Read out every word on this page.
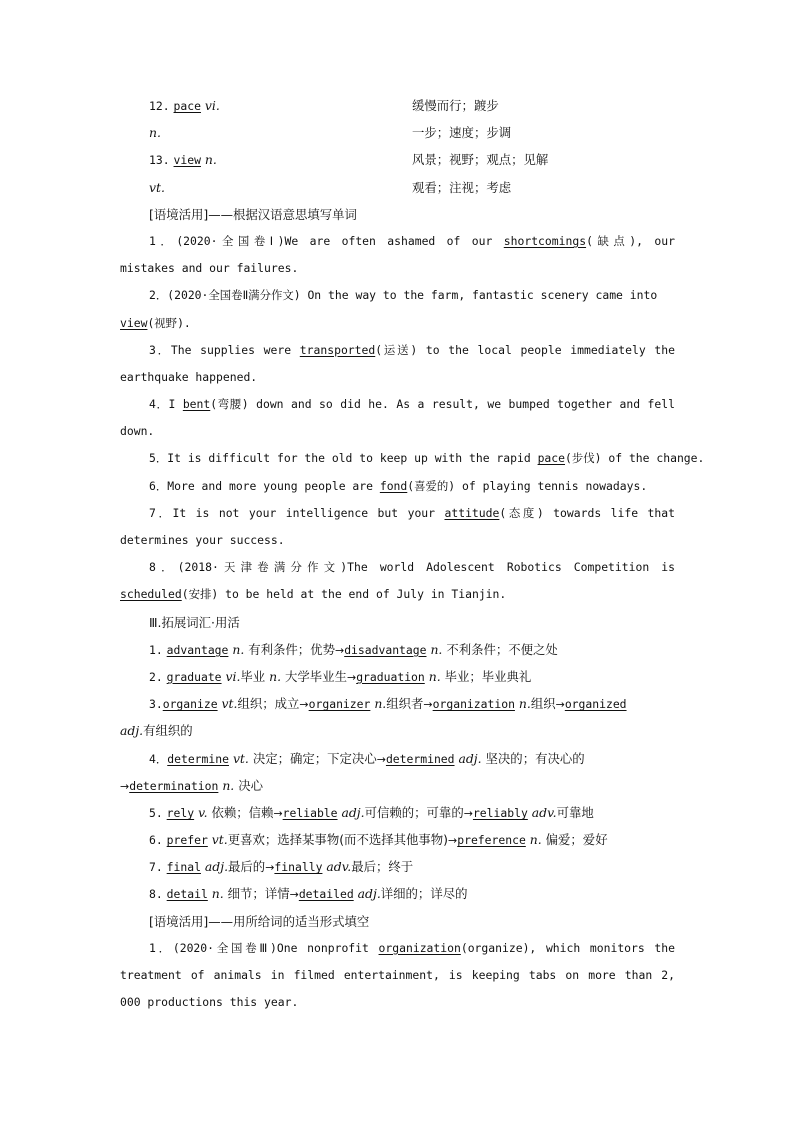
12. pace vi.	缓慢而行；踱步
n.	一步；速度；步调
13. view n.	风景；视野；观点；见解
vt.	观看；注视；考虑
[语境活用]——根据汉语意思填写单词
1．(2020·全国卷Ⅰ)We are often ashamed of our shortcomings(缺点), our
mistakes and our failures.
2．(2020·全国卷Ⅱ满分作文) On the way to the farm, fantastic scenery came into
view(视野).
3．The supplies were transported(运送) to the local people immediately the
earthquake happened.
4．I bent(弯腰) down and so did he. As a result, we bumped together and fell
down.
5．It is difficult for the old to keep up with the rapid pace(步伐) of the change.
6．More and more young people are fond(喜爱的) of playing tennis nowadays.
7．It is not your intelligence but your attitude(态度) towards life that
determines your success.
8．(2018·天津卷满分作文)The world Adolescent Robotics Competition is
scheduled(安排) to be held at the end of July in Tianjin.
Ⅲ.拓展词汇·用活
1. advantage n. 有利条件；优势→disadvantage n. 不利条件；不便之处
2. graduate vi.毕业 n. 大学毕业生→graduation n. 毕业；毕业典礼
3.organize vt.组织；成立→organizer n.组织者→organization n.组织→organized
adj.有组织的
4．determine vt. 决定；确定；下定决心→determined adj. 坚决的；有决心的
→determination n. 决心
5. rely v. 依赖；信赖→reliable adj.可信赖的；可靠的→reliably adv.可靠地
6. prefer vt.更喜欢；选择某事物(而不选择其他事物)→preference n. 偏爱；爱好
7. final adj.最后的→finally adv.最后；终于
8. detail n. 细节；详情→detailed adj.详细的；详尽的
[语境活用]——用所给词的适当形式填空
1．(2020·全国卷Ⅲ)One nonprofit organization(organize), which monitors the
treatment of animals in filmed entertainment, is keeping tabs on more than 2,
000 productions this year.
